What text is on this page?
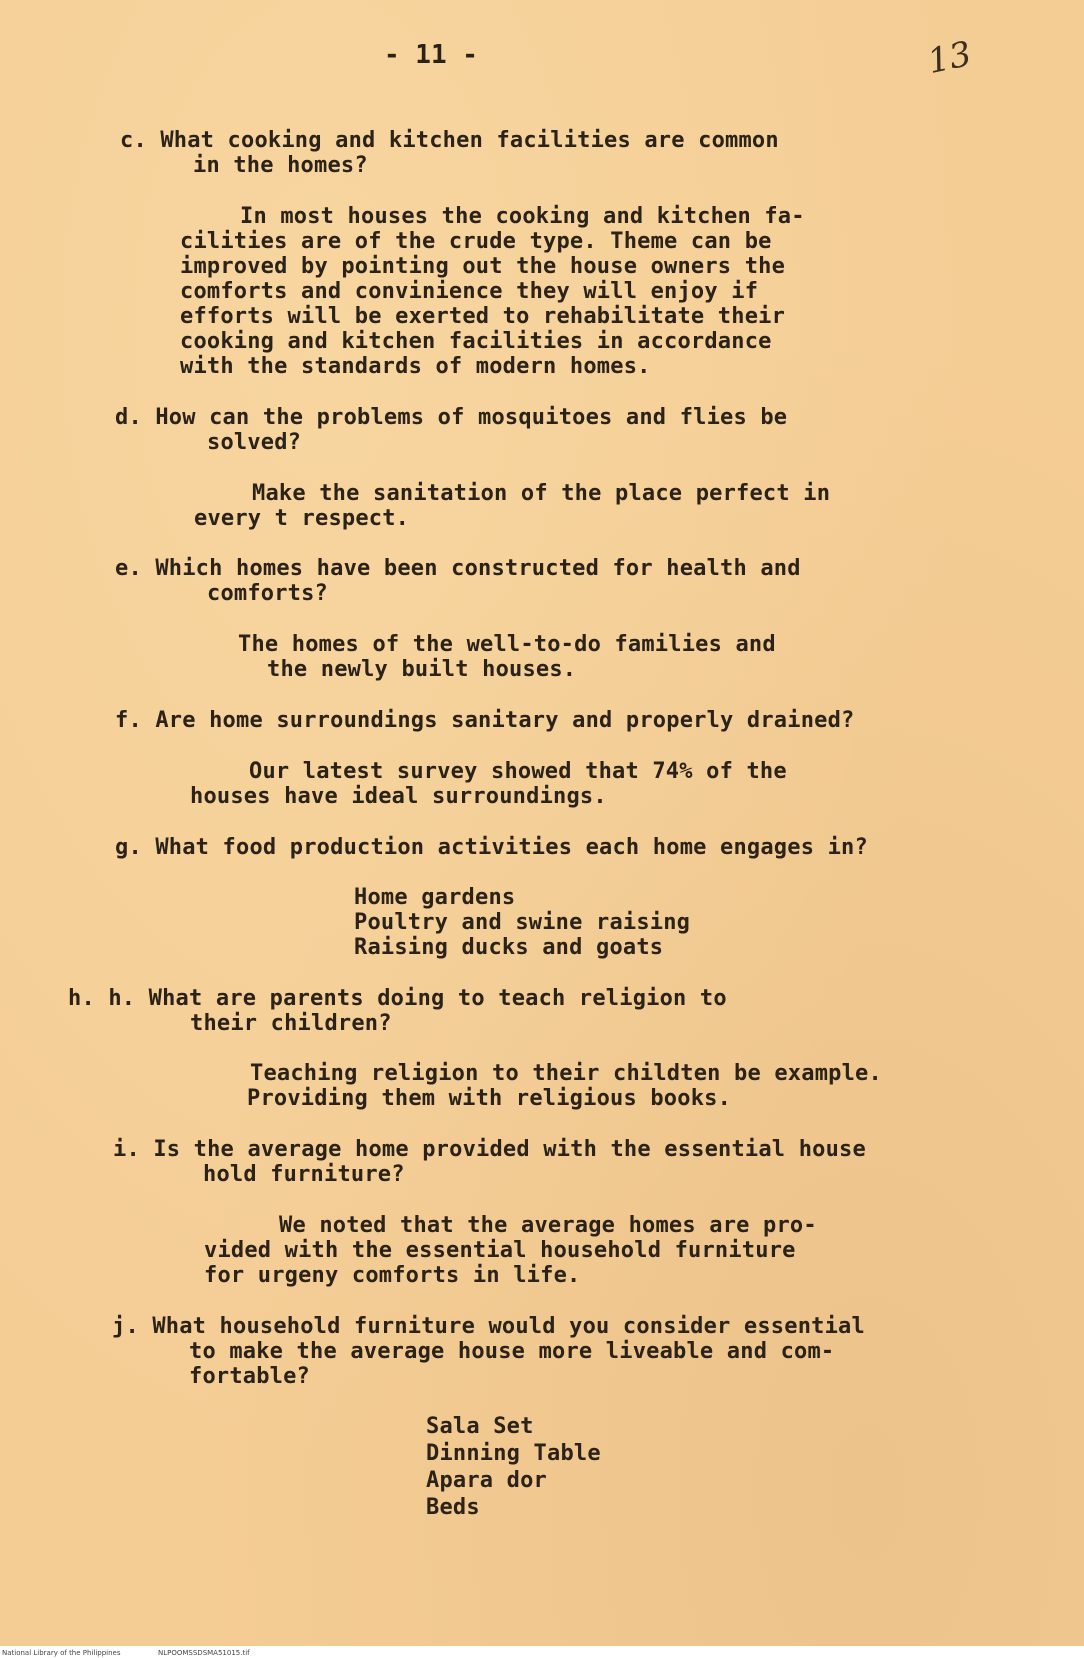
- 11 -	13

c. What cooking and kitchen facilities are common
in the homes?
In most houses the cooking and kitchen fa-
cilities are of the crude type. Theme can be
improved by pointing out the house owners the
comforts and convinience they will enjoy if
efforts will be exerted to rehabilitate their
cooking and kitchen facilities in accordance
with the standards of modern homes.
d. How can the problems of mosquitoes and flies be
solved?
Make the sanitation of the place perfect in
every t respect.
e. Which homes have been constructed for health and
comforts?
The homes of the well-to-do families and
the newly built houses.
f. Are home surroundings sanitary and properly drained?
Our latest survey showed that 74% of the
houses have ideal surroundings.
g. What food production activities each home engages in?
Home gardens
Poultry and swine raising
Raising ducks and goats
h. h. What are parents doing to teach religion to
their children?
Teaching religion to their childten be example.
Providing them with religious books.
i. Is the average home provided with the essential house
hold furniture?
We noted that the average homes are pro-
vided with the essential household furniture
for urgeny comforts in life.
j. What household furniture would you consider essential
to make the average house more liveable and com-
fortable?
Sala Set
Dinning Table
Apara dor
Beds
National Library of the Philippines	NLPOOMSSDSMA51015.tif
